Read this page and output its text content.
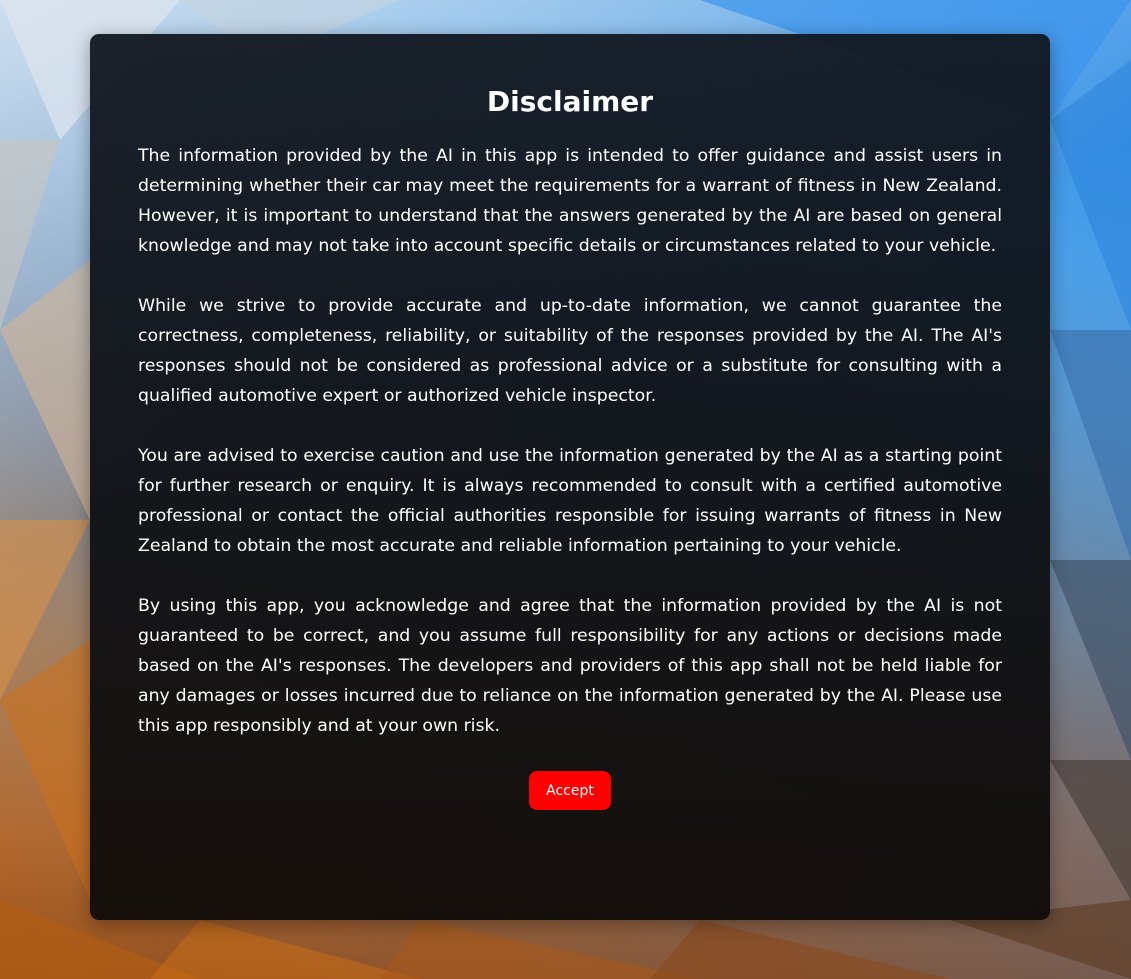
Disclaimer

The information provided by the AI in this app is intended to offer guidance and assist users in determining whether their car may meet the requirements for a warrant of fitness in New Zealand. However, it is important to understand that the answers generated by the AI are based on general knowledge and may not take into account specific details or circumstances related to your vehicle.

While we strive to provide accurate and up-to-date information, we cannot guarantee the correctness, completeness, reliability, or suitability of the responses provided by the AI. The AI's responses should not be considered as professional advice or a substitute for consulting with a qualified automotive expert or authorized vehicle inspector.

You are advised to exercise caution and use the information generated by the AI as a starting point for further research or enquiry. It is always recommended to consult with a certified automotive professional or contact the official authorities responsible for issuing warrants of fitness in New Zealand to obtain the most accurate and reliable information pertaining to your vehicle.

By using this app, you acknowledge and agree that the information provided by the AI is not guaranteed to be correct, and you assume full responsibility for any actions or decisions made based on the AI's responses. The developers and providers of this app shall not be held liable for any damages or losses incurred due to reliance on the information generated by the AI. Please use this app responsibly and at your own risk.

Accept
